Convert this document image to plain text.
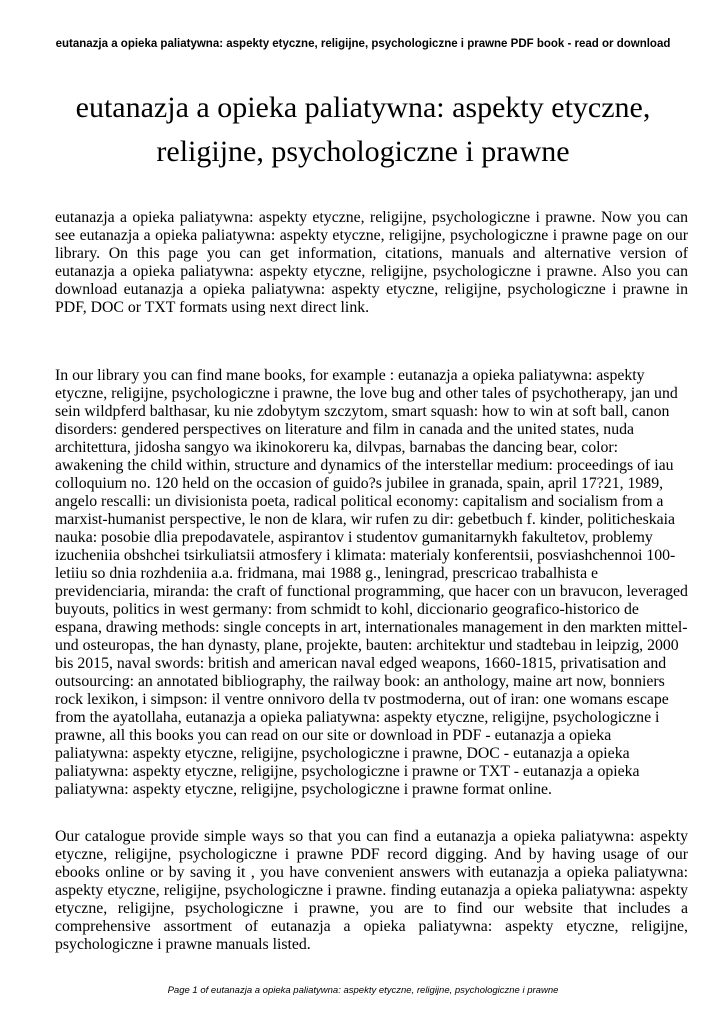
eutanazja a opieka paliatywna: aspekty etyczne, religijne, psychologiczne i prawne PDF book - read or download
eutanazja a opieka paliatywna: aspekty etyczne, religijne, psychologiczne i prawne

eutanazja a opieka paliatywna: aspekty etyczne, religijne, psychologiczne i prawne. Now you can see eutanazja a opieka paliatywna: aspekty etyczne, religijne, psychologiczne i prawne page on our library. On this page you can get information, citations, manuals and alternative version of eutanazja a opieka paliatywna: aspekty etyczne, religijne, psychologiczne i prawne. Also you can download eutanazja a opieka paliatywna: aspekty etyczne, religijne, psychologiczne i prawne in PDF, DOC or TXT formats using next direct link.

In our library you can find mane books, for example : eutanazja a opieka paliatywna: aspekty etyczne, religijne, psychologiczne i prawne, the love bug and other tales of psychotherapy, jan und sein wildpferd balthasar, ku nie zdobytym szczytom, smart squash: how to win at soft ball, canon disorders: gendered perspectives on literature and film in canada and the united states, nuda architettura, jidosha sangyo wa ikinokoreru ka, dilvpas, barnabas the dancing bear, color: awakening the child within, structure and dynamics of the interstellar medium: proceedings of iau colloquium no. 120 held on the occasion of guido?s jubilee in granada, spain, april 17?21, 1989, angelo rescalli: un divisionista poeta, radical political economy: capitalism and socialism from a marxist-humanist perspective, le non de klara, wir rufen zu dir: gebetbuch f. kinder, politicheskaia nauka: posobie dlia prepodavatele, aspirantov i studentov gumanitarnykh fakultetov, problemy izucheniia obshchei tsirkuliatsii atmosfery i klimata: materialy konferentsii, posviashchennoi 100-letiiu so dnia rozhdeniia a.a. fridmana, mai 1988 g., leningrad, prescricao trabalhista e previdenciaria, miranda: the craft of functional programming, que hacer con un bravucon, leveraged buyouts, politics in west germany: from schmidt to kohl, diccionario geografico-historico de espana, drawing methods: single concepts in art, internationales management in den markten mittel- und osteuropas, the han dynasty, plane, projekte, bauten: architektur und stadtebau in leipzig, 2000 bis 2015, naval swords: british and american naval edged weapons, 1660-1815, privatisation and outsourcing: an annotated bibliography, the railway book: an anthology, maine art now, bonniers rock lexikon, i simpson: il ventre onnivoro della tv postmoderna, out of iran: one womans escape from the ayatollaha, eutanazja a opieka paliatywna: aspekty etyczne, religijne, psychologiczne i prawne, all this books you can read on our site or download in PDF - eutanazja a opieka paliatywna: aspekty etyczne, religijne, psychologiczne i prawne, DOC - eutanazja a opieka paliatywna: aspekty etyczne, religijne, psychologiczne i prawne or TXT - eutanazja a opieka paliatywna: aspekty etyczne, religijne, psychologiczne i prawne format online.

Our catalogue provide simple ways so that you can find a eutanazja a opieka paliatywna: aspekty etyczne, religijne, psychologiczne i prawne PDF record digging. And by having usage of our ebooks online or by saving it , you have convenient answers with eutanazja a opieka paliatywna: aspekty etyczne, religijne, psychologiczne i prawne. finding eutanazja a opieka paliatywna: aspekty etyczne, religijne, psychologiczne i prawne, you are to find our website that includes a comprehensive assortment of eutanazja a opieka paliatywna: aspekty etyczne, religijne, psychologiczne i prawne manuals listed.

Page 1 of eutanazja a opieka paliatywna: aspekty etyczne, religijne, psychologiczne i prawne
